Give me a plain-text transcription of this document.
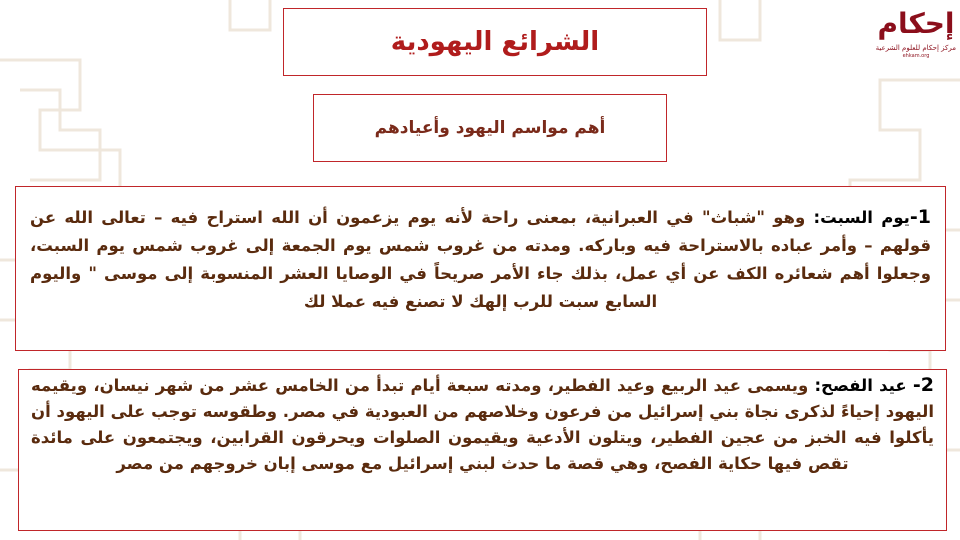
إحكام
مركز إحكام للعلوم الشرعية
ehkam.org
الشرائع اليهودية
أهم مواسم اليهود وأعيادهم

1-يوم السبت: وهو "شباث" في العبرانية، بمعنى راحة لأنه يوم يزعمون أن الله استراح فيه – تعالى الله عن قولهم – وأمر عباده بالاستراحة فيه وباركه. ومدته من غروب شمس يوم الجمعة إلى غروب شمس يوم السبت، وجعلوا أهم شعائره الكف عن أي عمل، بذلك جاء الأمر صريحاً في الوصايا العشر المنسوبة إلى موسى " واليوم السابع سبت للرب إلهك لا تصنع فيه عملا لك

2- عيد الفصح: ويسمى عيد الربيع وعيد الفطير، ومدته سبعة أيام تبدأ من الخامس عشر من شهر نيسان، ويقيمه اليهود إحياءً لذكرى نجاة بني إسرائيل من فرعون وخلاصهم من العبودية في مصر. وطقوسه توجب على اليهود أن يأكلوا فيه الخبز من عجين الفطير، ويتلون الأدعية ويقيمون الصلوات ويحرقون القرابين، ويجتمعون على مائدة تقص فيها حكاية الفصح، وهي قصة ما حدث لبني إسرائيل مع موسى إبان خروجهم من مصر
